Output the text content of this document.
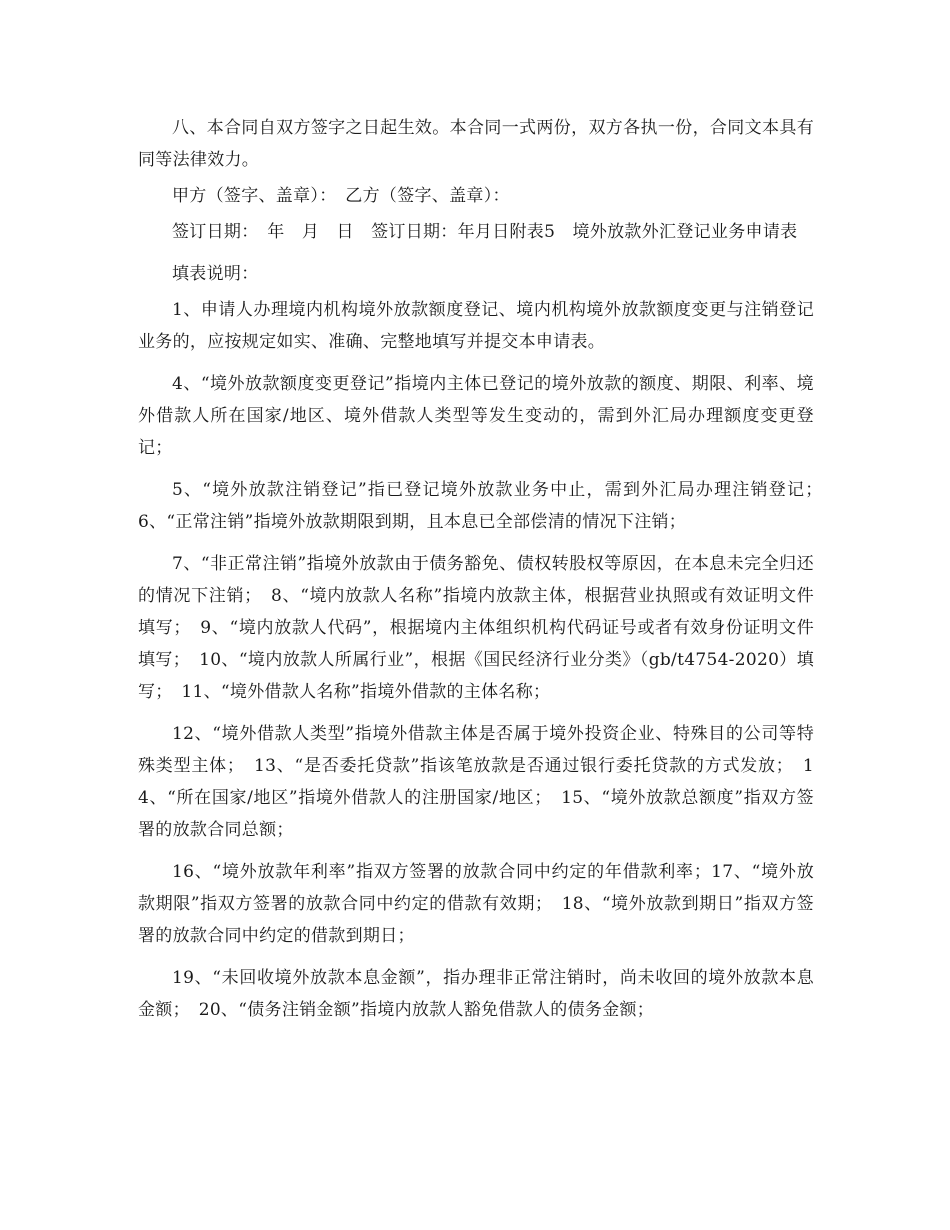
八、本合同自双方签字之日起生效。本合同一式两份，双方各执一份，合同文本具有同等法律效力。

甲方（签字、盖章）：　乙方（签字、盖章）：

签订日期：　年　月　日　签订日期：年月日附表5　境外放款外汇登记业务申请表

填表说明：

1、申请人办理境内机构境外放款额度登记、境内机构境外放款额度变更与注销登记业务的，应按规定如实、准确、完整地填写并提交本申请表。

4、“境外放款额度变更登记”指境内主体已登记的境外放款的额度、期限、利率、境外借款人所在国家/地区、境外借款人类型等发生变动的，需到外汇局办理额度变更登记；

5、“境外放款注销登记”指已登记境外放款业务中止，需到外汇局办理注销登记；　6、“正常注销”指境外放款期限到期，且本息已全部偿清的情况下注销；

7、“非正常注销”指境外放款由于债务豁免、债权转股权等原因，在本息未完全归还的情况下注销；　8、“境内放款人名称”指境内放款主体，根据营业执照或有效证明文件填写；　9、“境内放款人代码”，根据境内主体组织机构代码证号或者有效身份证明文件填写；　10、“境内放款人所属行业”，根据《国民经济行业分类》（gb/t4754-2020）填写；　11、“境外借款人名称”指境外借款的主体名称；

12、“境外借款人类型”指境外借款主体是否属于境外投资企业、特殊目的公司等特殊类型主体；　13、“是否委托贷款”指该笔放款是否通过银行委托贷款的方式发放；　14、“所在国家/地区”指境外借款人的注册国家/地区；　15、“境外放款总额度”指双方签署的放款合同总额；

16、“境外放款年利率”指双方签署的放款合同中约定的年借款利率；17、“境外放款期限”指双方签署的放款合同中约定的借款有效期；　18、“境外放款到期日”指双方签署的放款合同中约定的借款到期日；

19、“未回收境外放款本息金额”，指办理非正常注销时，尚未收回的境外放款本息金额；　20、“债务注销金额”指境内放款人豁免借款人的债务金额；
